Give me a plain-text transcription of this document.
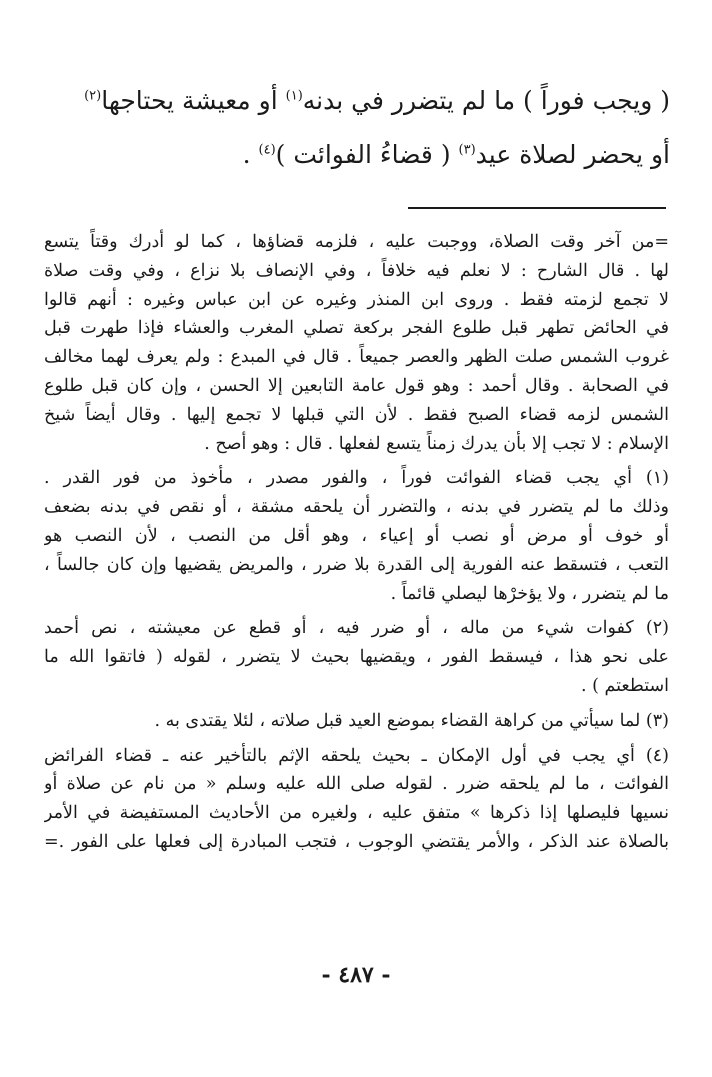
( ويجب فوراً ) ما لم يتضرر في بدنه$^{(١)}$ أو معيشة يحتاجها$^{(٢)}$
أو يحضر لصلاة عيد$^{(٣)}$ ( قضاءُ الفوائت )$^{(٤)}$ .
=من آخر وقت الصلاة، ووجبت عليه ، فلزمه قضاؤها ، كما لو أدرك وقتاً يتسع
لها . قال الشارح : لا نعلم فيه خلافاً ، وفي الإنصاف بلا نزاع ، وفي وقت صلاة
لا تجمع لزمته فقط . وروى ابن المنذر وغيره عن ابن عباس وغيره : أنهم قالوا
في الحائض تطهر قبل طلوع الفجر بركعة تصلي المغرب والعشاء فإذا طهرت قبل
غروب الشمس صلت الظهر والعصر جميعاً . قال في المبدع : ولم يعرف لهما مخالف
في الصحابة . وقال أحمد : وهو قول عامة التابعين إلا الحسن ، وإن كان قبل طلوع
الشمس لزمه قضاء الصبح فقط . لأن التي قبلها لا تجمع إليها . وقال أيضاً شيخ
الإسلام : لا تجب إلا بأن يدرك زمناً يتسع لفعلها . قال : وهو أصح .
(١) أي يجب قضاء الفوائت فوراً ، والفور مصدر ، مأخوذ من فور القدر .
وذلك ما لم يتضرر في بدنه ، والتضرر أن يلحقه مشقة ، أو نقص في بدنه بضعف
أو خوف أو مرض أو نصب أو إعياء ، وهو أقل من النصب ، لأن النصب هو
التعب ، فتسقط عنه الفورية إلى القدرة بلا ضرر ، والمريض يقضيها وإن كان جالساً ،
ما لم يتضرر ، ولا يؤخرْها ليصلي قائماً .
(٢) كفوات شيء من ماله ، أو ضرر فيه ، أو قطع عن معيشته ، نص أحمد
على نحو هذا ، فيسقط الفور ، ويقضيها بحيث لا يتضرر ، لقوله ( فاتقوا الله ما
استطعتم ) .
(٣) لما سيأتي من كراهة القضاء بموضع العيد قبل صلاته ، لئلا يقتدى به .
(٤) أي يجب في أول الإمكان ـ بحيث يلحقه الإثم بالتأخير عنه ـ قضاء الفرائض
الفوائت ، ما لم يلحقه ضرر . لقوله صلى الله عليه وسلم « من نام عن صلاة أو
نسيها فليصلها إذا ذكرها » متفق عليه ، ولغيره من الأحاديث المستفيضة في الأمر
بالصلاة عند الذكر ، والأمر يقتضي الوجوب ، فتجب المبادرة إلى فعلها على الفور .=
- ٤٨٧ -
